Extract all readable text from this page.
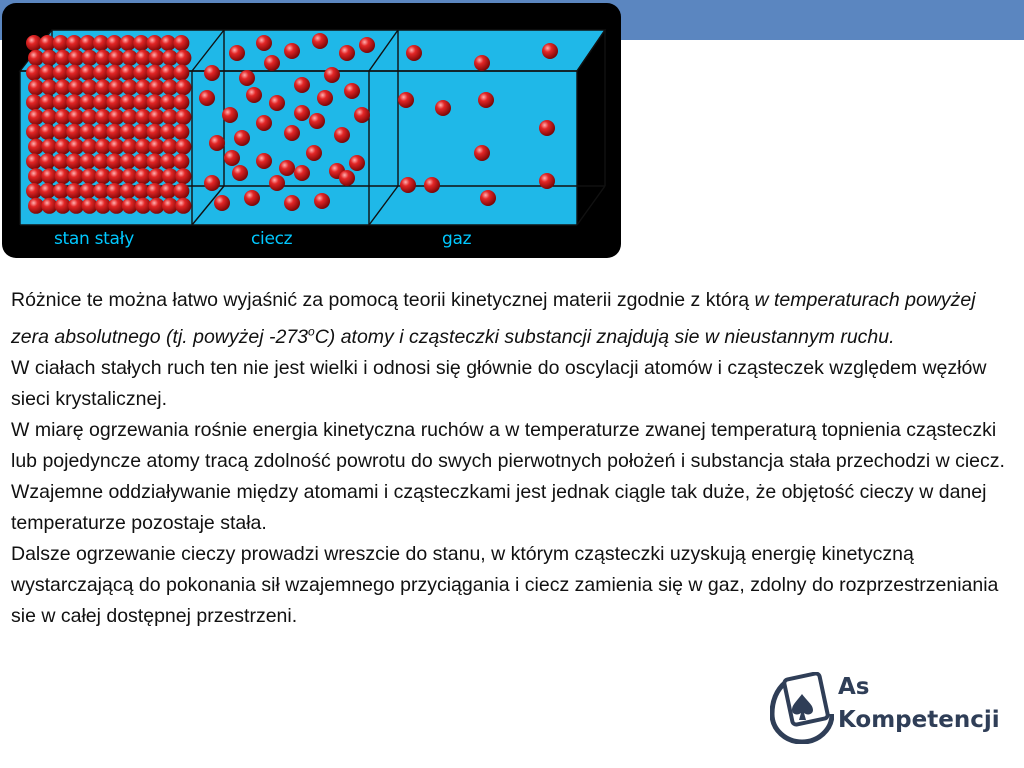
stan stały	ciecz	gaz

Różnice te można łatwo wyjaśnić za pomocą teorii kinetycznej materii zgodnie z którą w temperaturach powyżej zera absolutnego (tj. powyżej -273$^o$C) atomy i cząsteczki substancji znajdują sie w nieustannym ruchu.

W ciałach stałych ruch ten nie jest wielki i odnosi się głównie do oscylacji atomów i cząsteczek względem węzłów sieci krystalicznej.

W miarę ogrzewania rośnie energia kinetyczna ruchów a w temperaturze zwanej temperaturą topnienia cząsteczki lub pojedyncze atomy tracą zdolność powrotu do swych pierwotnych położeń i substancja stała przechodzi w ciecz.

Wzajemne oddziaływanie między atomami i cząsteczkami jest jednak ciągle tak duże, że objętość cieczy w danej temperaturze pozostaje stała.

Dalsze ogrzewanie cieczy prowadzi wreszcie do stanu, w którym cząsteczki uzyskują energię kinetyczną wystarczającą do pokonania sił wzajemnego przyciągania i ciecz zamienia się w gaz, zdolny do rozprzestrzeniania sie w całej dostępnej przestrzeni.

As
Kompetencji
